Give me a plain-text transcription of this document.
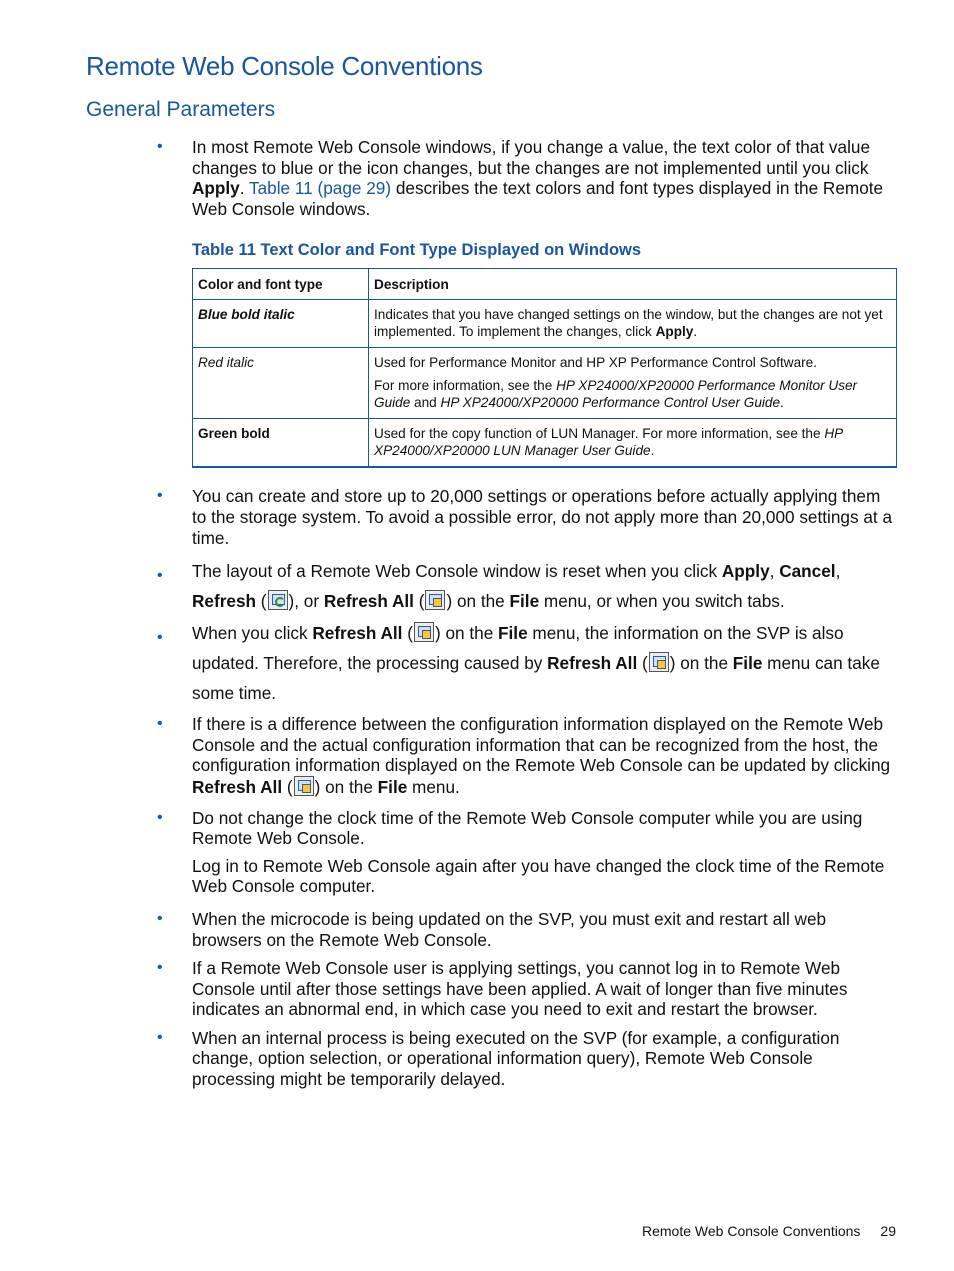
Remote Web Console Conventions
General Parameters
• In most Remote Web Console windows, if you change a value, the text color of that value changes to blue or the icon changes, but the changes are not implemented until you click Apply. Table 11 (page 29) describes the text colors and font types displayed in the Remote Web Console windows.

Table 11 Text Color and Font Type Displayed on Windows
Color and font type	Description
Blue bold italic	Indicates that you have changed settings on the window, but the changes are not yet implemented. To implement the changes, click Apply.
Red italic	Used for Performance Monitor and HP XP Performance Control Software.

For more information, see the HP XP24000/XP20000 Performance Monitor User Guide and HP XP24000/XP20000 Performance Control User Guide.

Green bold	Used for the copy function of LUN Manager. For more information, see the HP XP24000/XP20000 LUN Manager User Guide.
• You can create and store up to 20,000 settings or operations before actually applying them to the storage system. To avoid a possible error, do not apply more than 20,000 settings at a time.

• The layout of a Remote Web Console window is reset when you click Apply, Cancel, Refresh ( ), or Refresh All ( ) on the File menu, or when you switch tabs.

• When you click Refresh All ( ) on the File menu, the information on the SVP is also updated. Therefore, the processing caused by Refresh All ( ) on the File menu can take some time.

• If there is a difference between the configuration information displayed on the Remote Web Console and the actual configuration information that can be recognized from the host, the configuration information displayed on the Remote Web Console can be updated by clicking Refresh All ( ) on the File menu.

• Do not change the clock time of the Remote Web Console computer while you are using Remote Web Console.

Log in to Remote Web Console again after you have changed the clock time of the Remote Web Console computer.

• When the microcode is being updated on the SVP, you must exit and restart all web browsers on the Remote Web Console.

• If a Remote Web Console user is applying settings, you cannot log in to Remote Web Console until after those settings have been applied. A wait of longer than five minutes indicates an abnormal end, in which case you need to exit and restart the browser.

• When an internal process is being executed on the SVP (for example, a configuration change, option selection, or operational information query), Remote Web Console processing might be temporarily delayed.

Remote Web Console Conventions 29
